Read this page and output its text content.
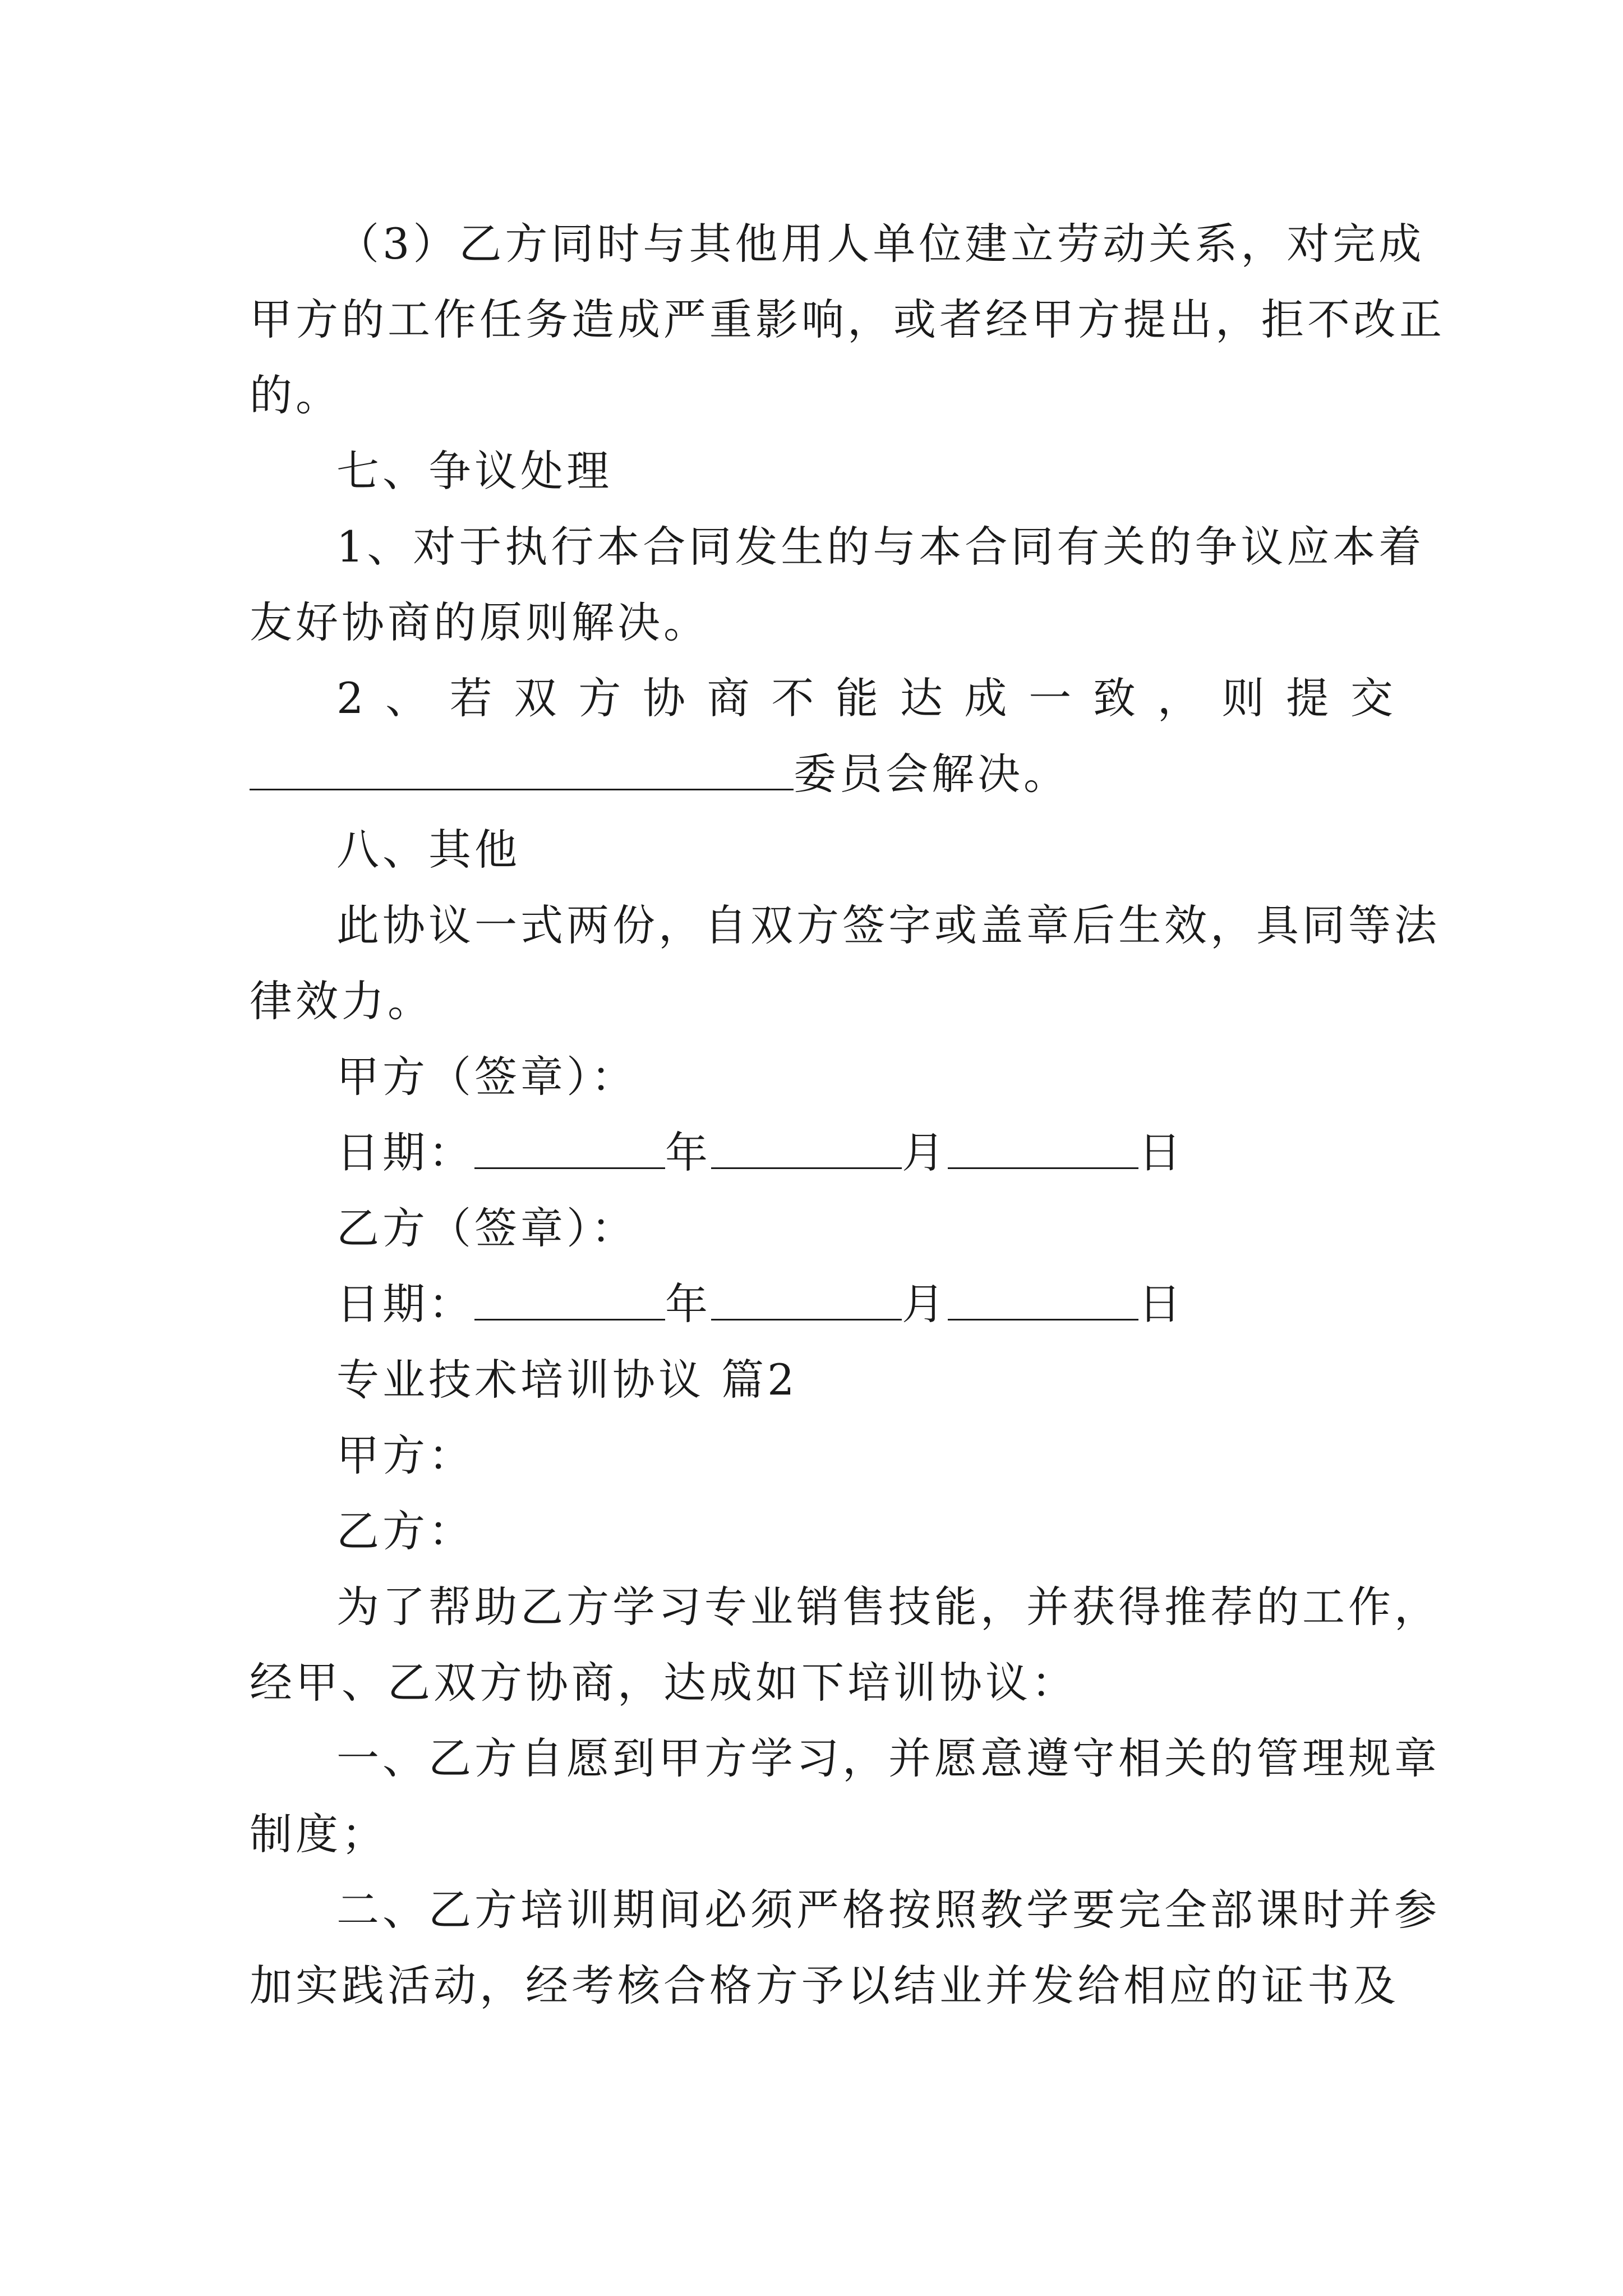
（3）乙方同时与其他用人单位建立劳动关系，对完成
甲方的工作任务造成严重影响，或者经甲方提出，拒不改正
的。
七、争议处理
1、对于执行本合同发生的与本合同有关的争议应本着
友好协商的原则解决。
2 、 若 双 方 协 商 不 能 达 成 一 致 ， 则 提 交
委员会解决。
八、其他
此协议一式两份，自双方签字或盖章后生效，具同等法
律效力。
甲方（签章）：
日期：	年	月	日
乙方（签章）：
日期：	年	月	日
专业技术培训协议 篇2
甲方：
乙方：
为了帮助乙方学习专业销售技能，并获得推荐的工作，
经甲、乙双方协商，达成如下培训协议：
一、乙方自愿到甲方学习，并愿意遵守相关的管理规章
制度；
二、乙方培训期间必须严格按照教学要完全部课时并参
加实践活动，经考核合格方予以结业并发给相应的证书及
